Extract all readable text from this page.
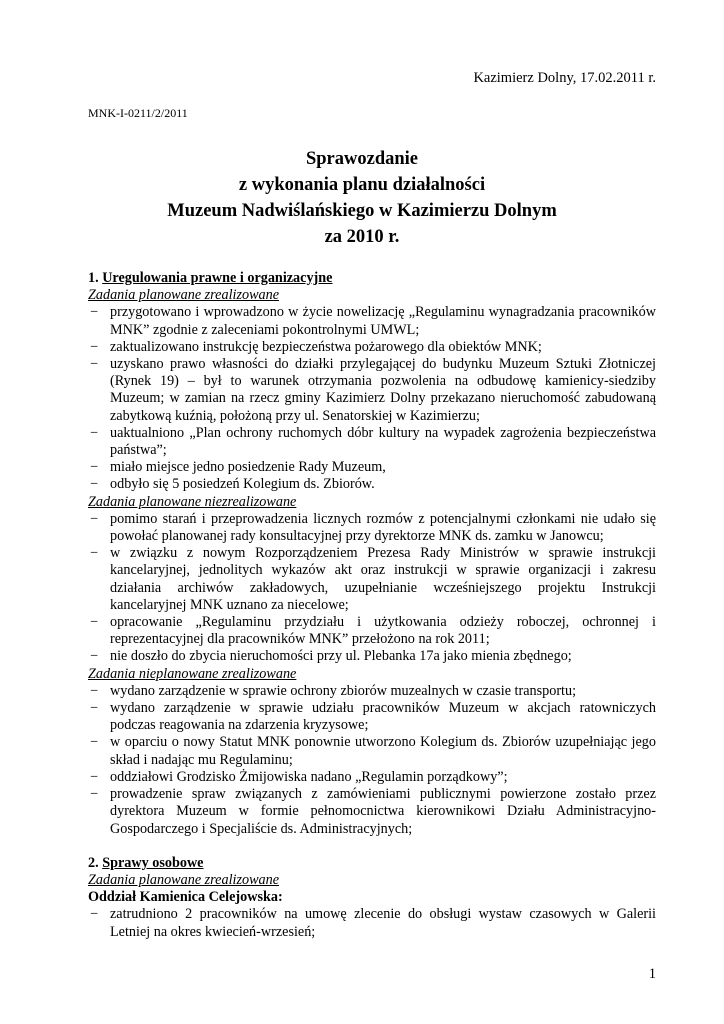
Kazimierz Dolny, 17.02.2011 r.
MNK-I-0211/2/2011
Sprawozdanie
z wykonania planu działalności
Muzeum Nadwiślańskiego w Kazimierzu Dolnym
za 2010 r.
1. Uregulowania prawne i organizacyjne
Zadania planowane zrealizowane
− przygotowano i wprowadzono w życie nowelizację „Regulaminu wynagradzania pracowników MNK” zgodnie z zaleceniami pokontrolnymi UMWL;
− zaktualizowano instrukcję bezpieczeństwa pożarowego dla obiektów MNK;
− uzyskano prawo własności do działki przylegającej do budynku Muzeum Sztuki Złotniczej (Rynek 19) – był to warunek otrzymania pozwolenia na odbudowę kamienicy-siedziby Muzeum; w zamian na rzecz gminy Kazimierz Dolny przekazano nieruchomość zabudowaną zabytkową kuźnią, położoną przy ul. Senatorskiej w Kazimierzu;
− uaktualniono „Plan ochrony ruchomych dóbr kultury na wypadek zagrożenia bezpieczeństwa państwa”;
− miało miejsce jedno posiedzenie Rady Muzeum,
− odbyło się 5 posiedzeń Kolegium ds. Zbiorów.
Zadania planowane niezrealizowane
− pomimo starań i przeprowadzenia licznych rozmów z potencjalnymi członkami nie udało się powołać planowanej rady konsultacyjnej przy dyrektorze MNK ds. zamku w Janowcu;
− w związku z nowym Rozporządzeniem Prezesa Rady Ministrów w sprawie instrukcji kancelaryjnej, jednolitych wykazów akt oraz instrukcji w sprawie organizacji i zakresu działania archiwów zakładowych, uzupełnianie wcześniejszego projektu Instrukcji kancelaryjnej MNK uznano za niecelowe;
− opracowanie „Regulaminu przydziału i użytkowania odzieży roboczej, ochronnej i reprezentacyjnej dla pracowników MNK” przełożono na rok 2011;
− nie doszło do zbycia nieruchomości przy ul. Plebanka 17a jako mienia zbędnego;
Zadania nieplanowane zrealizowane
− wydano zarządzenie w sprawie ochrony zbiorów muzealnych w czasie transportu;
− wydano zarządzenie w sprawie udziału pracowników Muzeum w akcjach ratowniczych podczas reagowania na zdarzenia kryzysowe;
− w oparciu o nowy Statut MNK ponownie utworzono Kolegium ds. Zbiorów uzupełniając jego skład i nadając mu Regulaminu;
− oddziałowi Grodzisko Żmijowiska nadano „Regulamin porządkowy”;
− prowadzenie spraw związanych z zamówieniami publicznymi powierzone zostało przez dyrektora Muzeum w formie pełnomocnictwa kierownikowi Działu Administracyjno-Gospodarczego i Specjaliście ds. Administracyjnych;
2. Sprawy osobowe
Zadania planowane zrealizowane
Oddział Kamienica Celejowska:
− zatrudniono 2 pracowników na umowę zlecenie do obsługi wystaw czasowych w Galerii Letniej na okres kwiecień-wrzesień;
1
